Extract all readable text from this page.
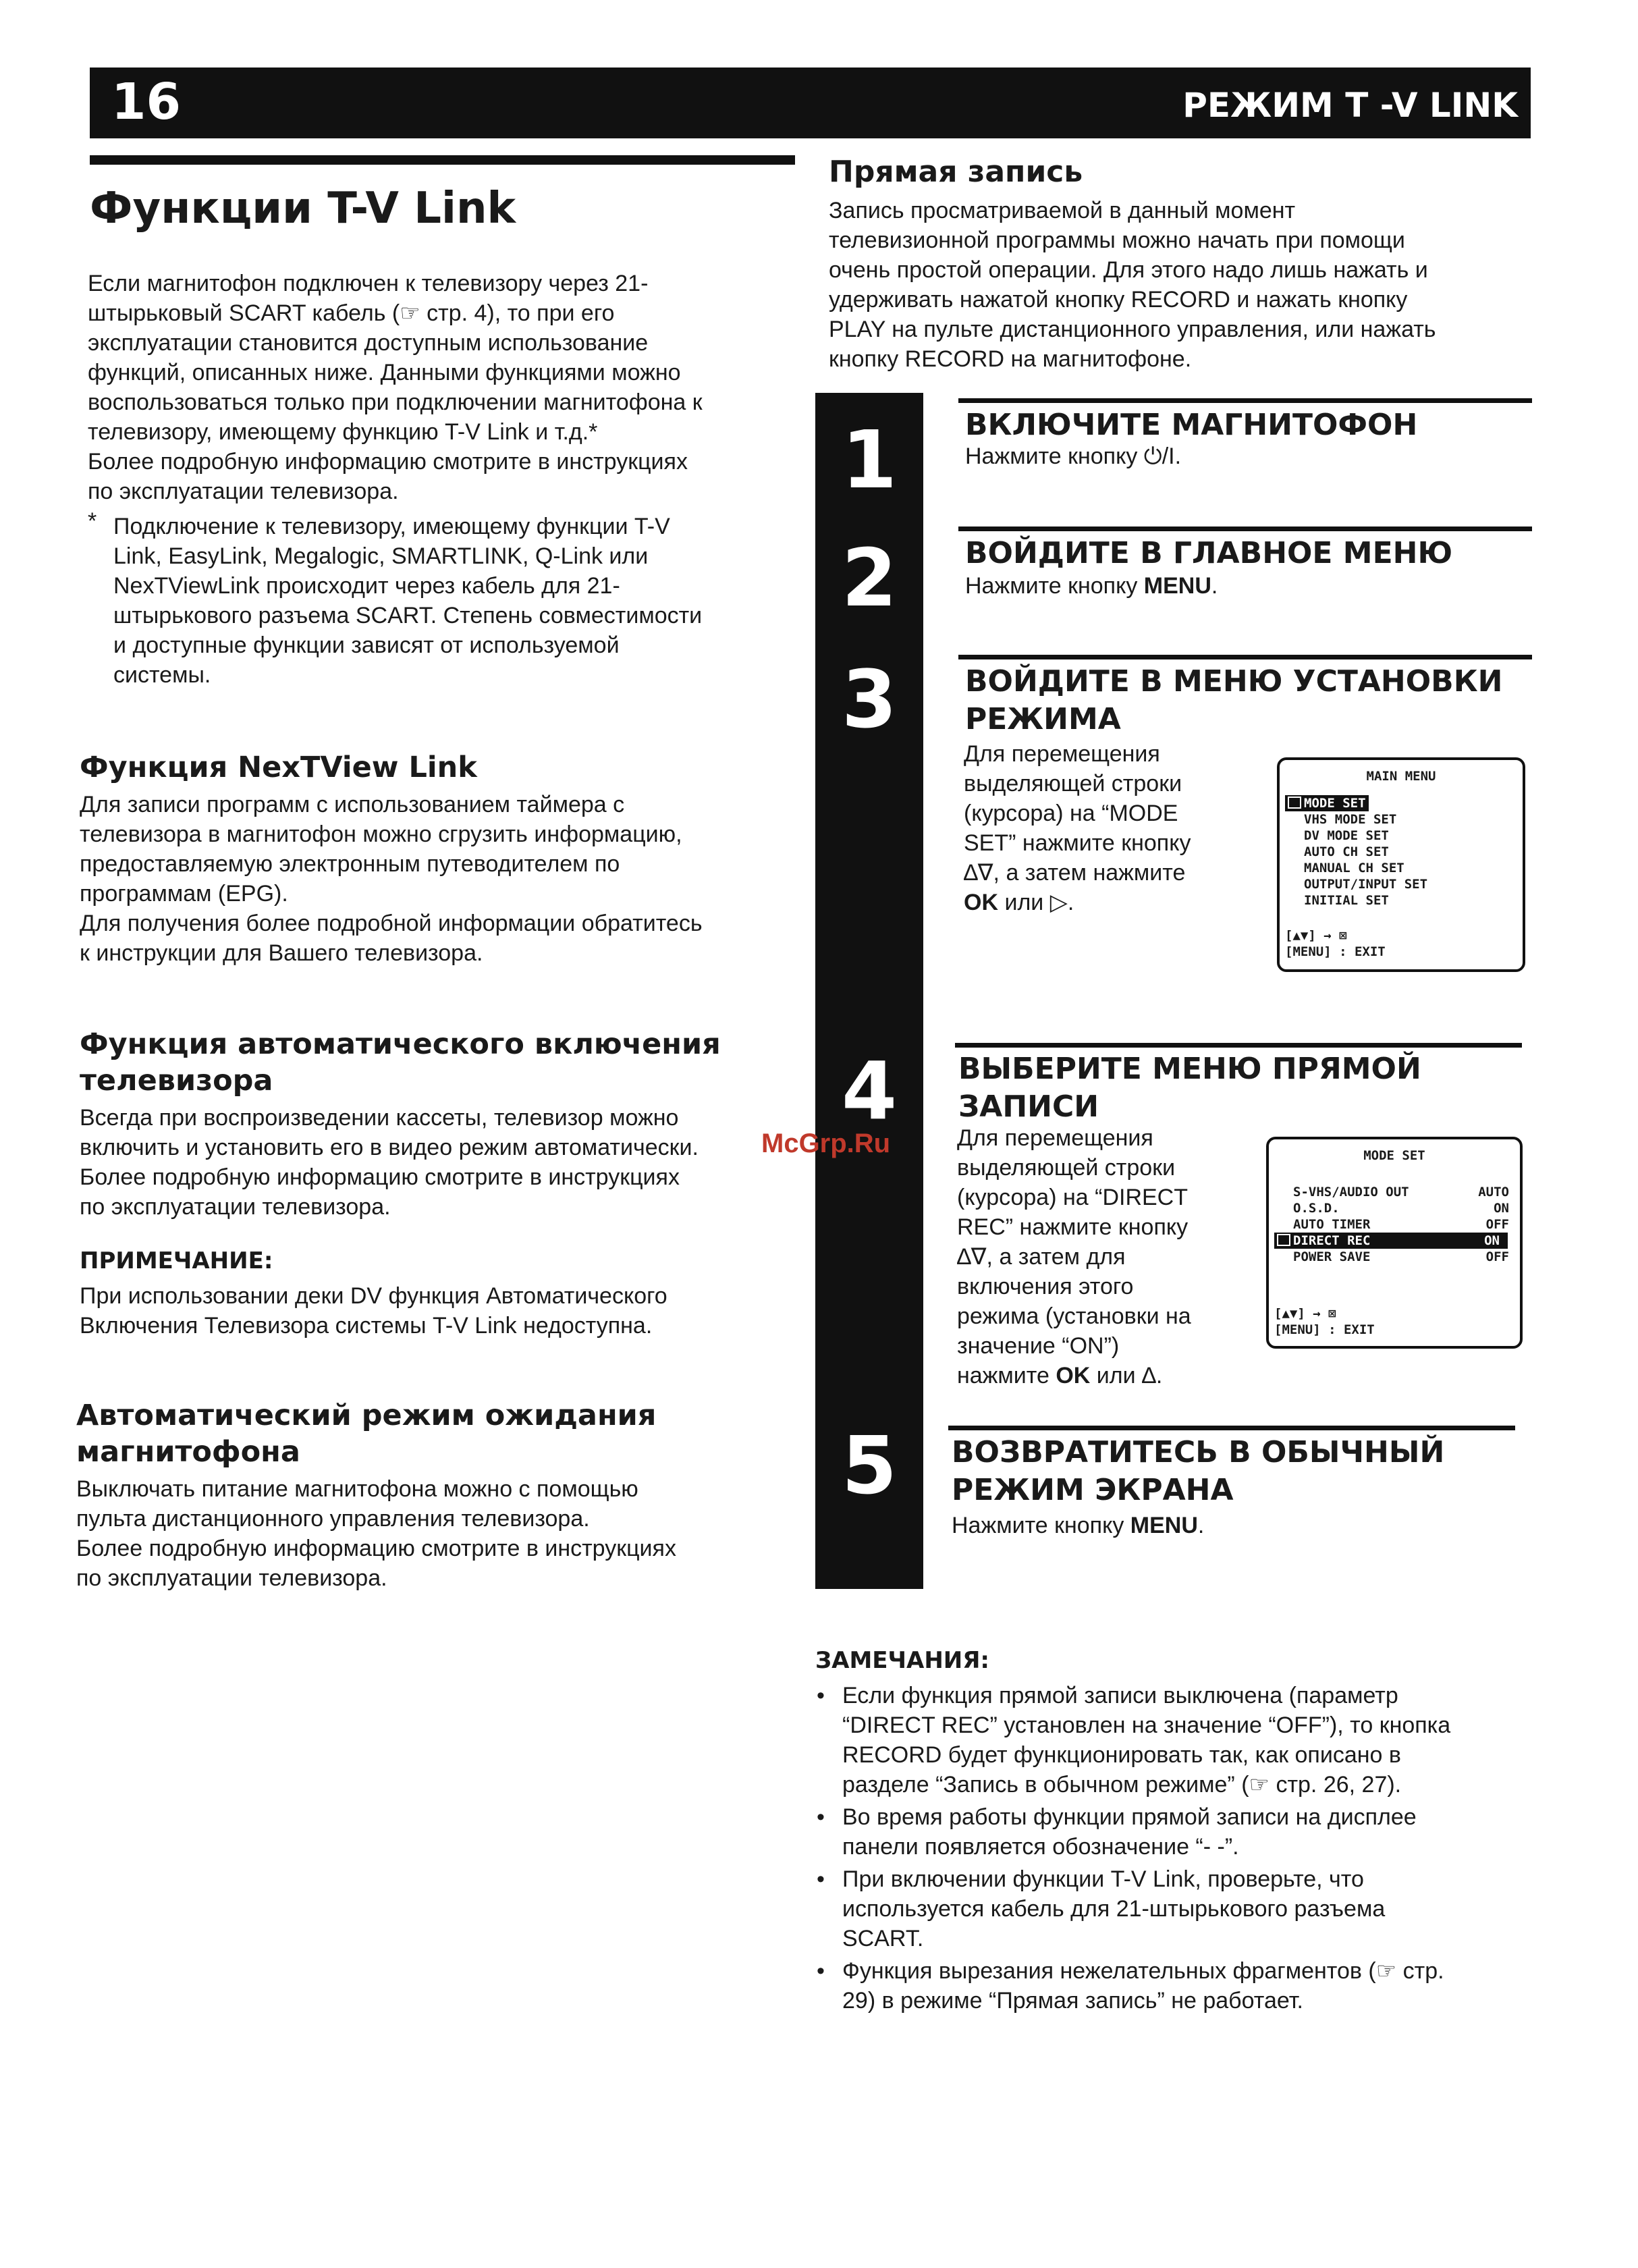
16	РЕЖИМ T -V LINK
Функции T-V Link
Если магнитофон подключен к телевизору через 21-
штырьковый SCART кабель (☞ стр. 4), то при его
эксплуатации становится доступным использование
функций, описанных ниже. Данными функциями можно
воспользоваться только при подключении магнитофона к
телевизору, имеющему функцию T-V Link и т.д.*
Более подробную информацию смотрите в инструкциях
по эксплуатации телевизора.
* Подключение к телевизору, имеющему функции T-V
Link, EasyLink, Megalogic, SMARTLINK, Q-Link или
NexTViewLink происходит через кабель для 21-
штырькового разъема SCART. Степень совместимости
и доступные функции зависят от используемой
системы.
Функция NexTView Link
Для записи программ с использованием таймера с
телевизора в магнитофон можно сгрузить информацию,
предоставляемую электронным путеводителем по
программам (EPG).
Для получения более подробной информации обратитесь
к инструкции для Вашего телевизора.
Функция автоматического включения
телевизора
Всегда при воспроизведении кассеты, телевизор можно
включить и установить его в видео режим автоматически.
Более подробную информацию смотрите в инструкциях
по эксплуатации телевизора.
ПРИМЕЧАНИЕ:
При использовании деки DV функция Автоматического
Включения Телевизора системы T-V Link недоступна.
Автоматический режим ожидания
магнитофона
Выключать питание магнитофона можно с помощью
пульта дистанционного управления телевизора.
Более подробную информацию смотрите в инструкциях
по эксплуатации телевизора.
Прямая запись
Запись просматриваемой в данный момент
телевизионной программы можно начать при помощи
очень простой операции. Для этого надо лишь нажать и
удерживать нажатой кнопку RECORD и нажать кнопку
PLAY на пульте дистанционного управления, или нажать
кнопку RECORD на магнитофоне.
1
2
3
4
5
ВКЛЮЧИТЕ МАГНИТОФОН
Нажмите кнопку ⏻/I.
ВОЙДИТЕ В ГЛАВНОЕ МЕНЮ
Нажмите кнопку MENU.
ВОЙДИТЕ В МЕНЮ УСТАНОВКИ
РЕЖИМА
Для перемещения
выделяющей строки
(курсора) на “MODE
SET” нажмите кнопку
∆∇, а затем нажмите
OK или ▷.
MAIN MENU
MODE SET
VHS MODE SET
DV MODE SET
AUTO CH SET
MANUAL CH SET
OUTPUT/INPUT SET
INITIAL SET
[▲▼] → ⊠
[MENU] : EXIT
ВЫБЕРИТЕ МЕНЮ ПРЯМОЙ
ЗАПИСИ
Для перемещения
выделяющей строки
(курсора) на “DIRECT
REC” нажмите кнопку
∆∇, а затем для
включения этого
режима (установки на
значение “ON”)
нажмите OK или ∆.
MODE SET
S-VHS/AUDIO OUT	AUTO
O.S.D.	ON
AUTO TIMER	OFF
DIRECT REC	ON
POWER SAVE	OFF
[▲▼] → ⊠
[MENU] : EXIT
ВОЗВРАТИТЕСЬ В ОБЫЧНЫЙ
РЕЖИМ ЭКРАНА
Нажмите кнопку MENU.
ЗАМЕЧАНИЯ:
• Если функция прямой записи выключена (параметр
“DIRECT REC” установлен на значение “OFF”), то кнопка
RECORD будет функционировать так, как описано в
разделе “Запись в обычном режиме” (☞ стр. 26, 27).
• Во время работы функции прямой записи на дисплее
панели появляется обозначение “- -”.
• При включении функции T-V Link, проверьте, что
используется кабель для 21-штырькового разъема
SCART.
• Функция вырезания нежелательных фрагментов (☞ стр.
29) в режиме “Прямая запись” не работает.
McGrp.Ru
